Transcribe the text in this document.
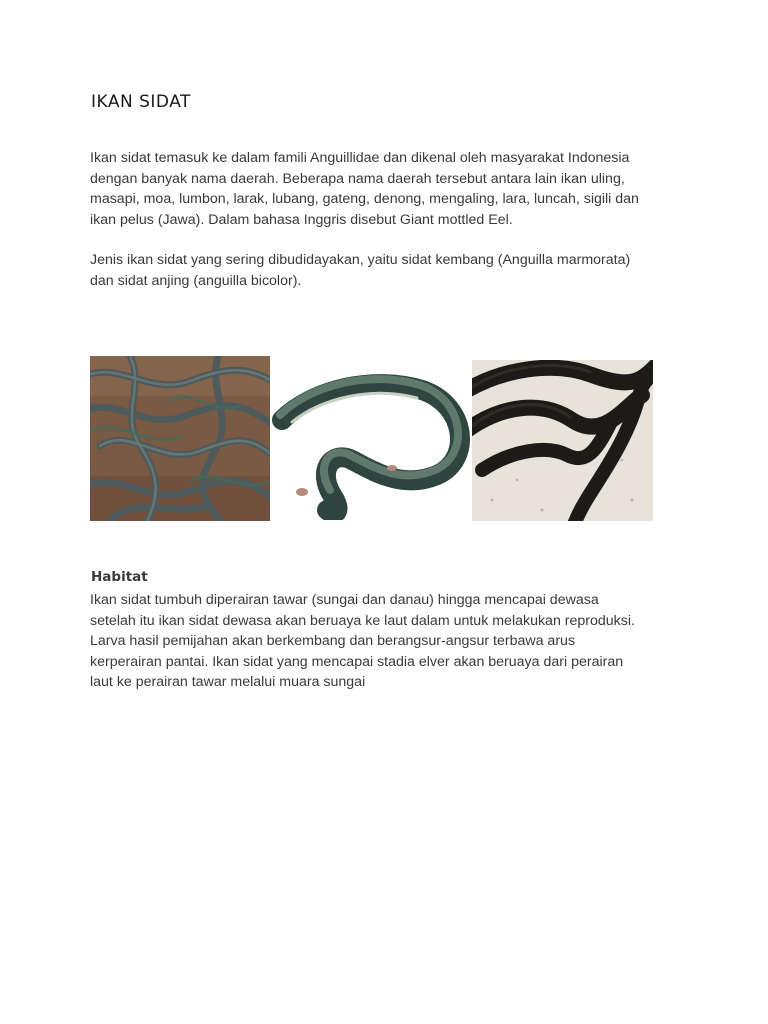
IKAN SIDAT

Ikan sidat temasuk ke dalam famili Anguillidae dan dikenal oleh masyarakat Indonesia
dengan banyak nama daerah. Beberapa nama daerah tersebut antara lain ikan uling,
masapi, moa, lumbon, larak, lubang, gateng, denong, mengaling, lara, luncah, sigili dan
ikan pelus (Jawa). Dalam bahasa Inggris disebut Giant mottled Eel.

Jenis ikan sidat yang sering dibudidayakan, yaitu sidat kembang (Anguilla marmorata)
dan sidat anjing (anguilla bicolor).

Habitat

Ikan sidat tumbuh diperairan tawar (sungai dan danau) hingga mencapai dewasa
setelah itu ikan sidat dewasa akan beruaya ke laut dalam untuk melakukan reproduksi.
Larva hasil pemijahan akan berkembang dan berangsur-angsur terbawa arus
kerperairan pantai. Ikan sidat yang mencapai stadia elver akan beruaya dari perairan
laut ke perairan tawar melalui muara sungai
